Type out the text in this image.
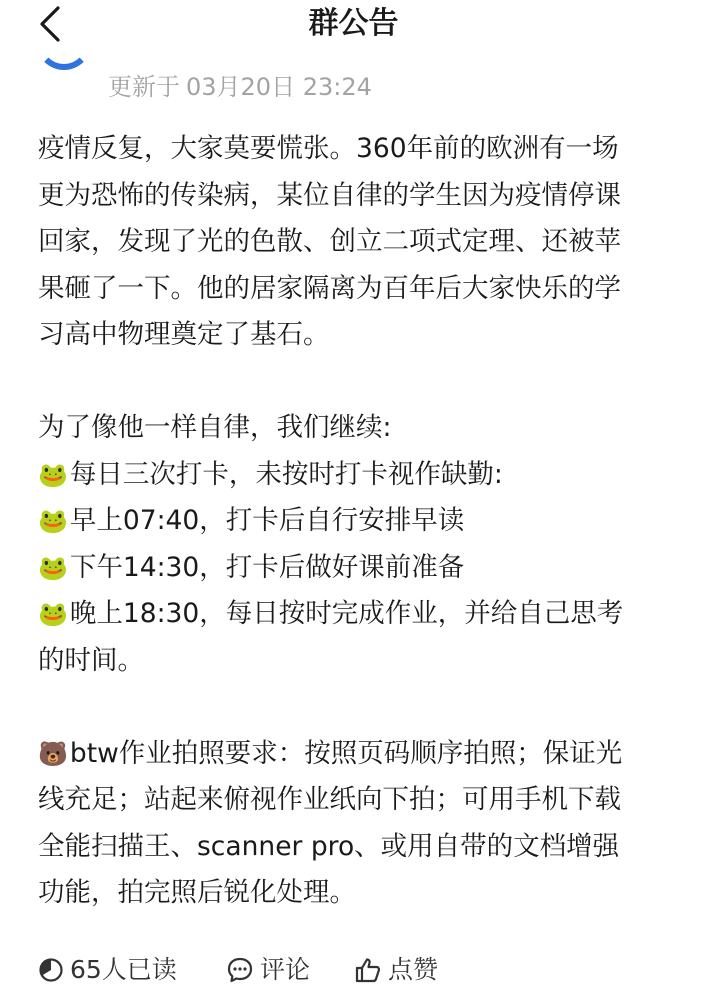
群公告
更新于 03月20日 23:24
疫情反复，大家莫要慌张。360年前的欧洲有一场
更为恐怖的传染病，某位自律的学生因为疫情停课
回家，发现了光的色散、创立二项式定理、还被苹
果砸了一下。他的居家隔离为百年后大家快乐的学
习高中物理奠定了基石。
为了像他一样自律，我们继续:
🐸每日三次打卡，未按时打卡视作缺勤:
🐸早上07:40，打卡后自行安排早读
🐸下午14:30，打卡后做好课前准备
🐸晚上18:30，每日按时完成作业，并给自己思考
的时间。
🐻btw作业拍照要求：按照页码顺序拍照；保证光
线充足；站起来俯视作业纸向下拍；可用手机下载
全能扫描王、scanner pro、或用自带的文档增强
功能，拍完照后锐化处理。
65人已读	评论	点赞
